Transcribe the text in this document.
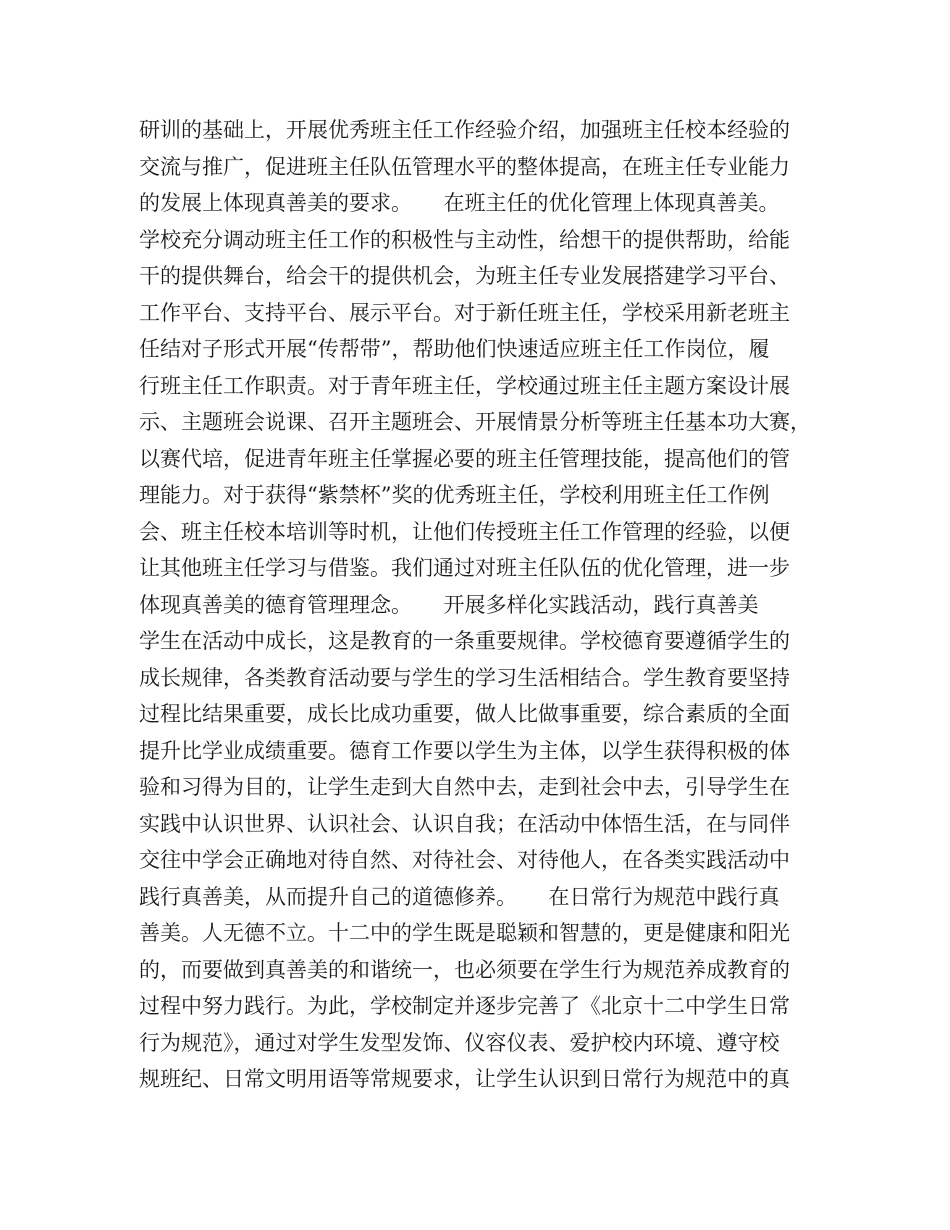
研训的基础上，开展优秀班主任工作经验介绍，加强班主任校本经验的
交流与推广，促进班主任队伍管理水平的整体提高，在班主任专业能力
的发展上体现真善美的要求。　　在班主任的优化管理上体现真善美。
学校充分调动班主任工作的积极性与主动性，给想干的提供帮助，给能
干的提供舞台，给会干的提供机会，为班主任专业发展搭建学习平台、
工作平台、支持平台、展示平台。对于新任班主任，学校采用新老班主
任结对子形式开展“传帮带”，帮助他们快速适应班主任工作岗位，履
行班主任工作职责。对于青年班主任，学校通过班主任主题方案设计展
示、主题班会说课、召开主题班会、开展情景分析等班主任基本功大赛，
以赛代培，促进青年班主任掌握必要的班主任管理技能，提高他们的管
理能力。对于获得“紫禁杯”奖的优秀班主任，学校利用班主任工作例
会、班主任校本培训等时机，让他们传授班主任工作管理的经验，以便
让其他班主任学习与借鉴。我们通过对班主任队伍的优化管理，进一步
体现真善美的德育管理理念。　　开展多样化实践活动，践行真善美
学生在活动中成长，这是教育的一条重要规律。学校德育要遵循学生的
成长规律，各类教育活动要与学生的学习生活相结合。学生教育要坚持
过程比结果重要，成长比成功重要，做人比做事重要，综合素质的全面
提升比学业成绩重要。德育工作要以学生为主体，以学生获得积极的体
验和习得为目的，让学生走到大自然中去，走到社会中去，引导学生在
实践中认识世界、认识社会、认识自我；在活动中体悟生活，在与同伴
交往中学会正确地对待自然、对待社会、对待他人，在各类实践活动中
践行真善美，从而提升自己的道德修养。　　在日常行为规范中践行真
善美。人无德不立。十二中的学生既是聪颖和智慧的，更是健康和阳光
的，而要做到真善美的和谐统一，也必须要在学生行为规范养成教育的
过程中努力践行。为此，学校制定并逐步完善了《北京十二中学生日常
行为规范》，通过对学生发型发饰、仪容仪表、爱护校内环境、遵守校
规班纪、日常文明用语等常规要求，让学生认识到日常行为规范中的真
